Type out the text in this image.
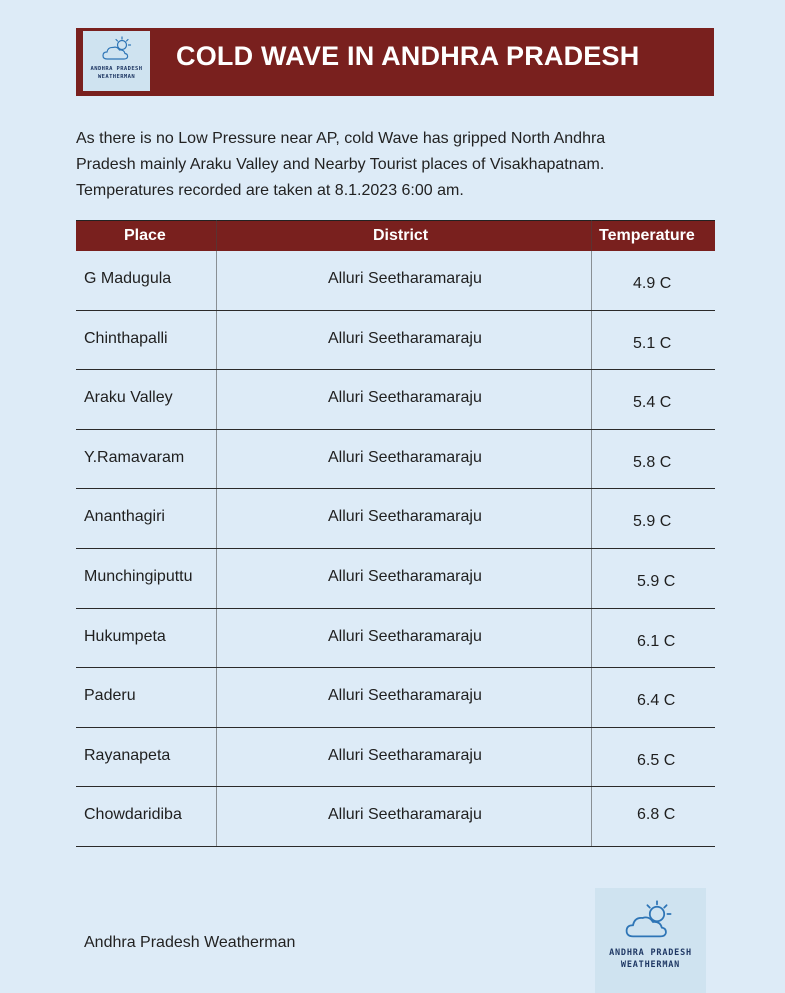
ANDHRA PRADESH
WEATHERMAN
COLD WAVE IN ANDHRA PRADESH

As there is no Low Pressure near AP, cold Wave has gripped North Andhra

Pradesh mainly Araku Valley and Nearby Tourist places of Visakhapatnam.

Temperatures recorded are taken at 8.1.2023 6:00 am.

Place	District	Temperature
G Madugula	Alluri Seetharamaraju	4.9 C
Chinthapalli	Alluri Seetharamaraju	5.1 C
Araku Valley	Alluri Seetharamaraju	5.4 C
Y.Ramavaram	Alluri Seetharamaraju	5.8 C
Ananthagiri	Alluri Seetharamaraju	5.9 C
Munchingiputtu	Alluri Seetharamaraju	5.9 C
Hukumpeta	Alluri Seetharamaraju	6.1 C
Paderu	Alluri Seetharamaraju	6.4 C
Rayanapeta	Alluri Seetharamaraju	6.5 C
Chowdaridiba	Alluri Seetharamaraju	6.8 C
Andhra Pradesh Weatherman
ANDHRA PRADESH
WEATHERMAN
